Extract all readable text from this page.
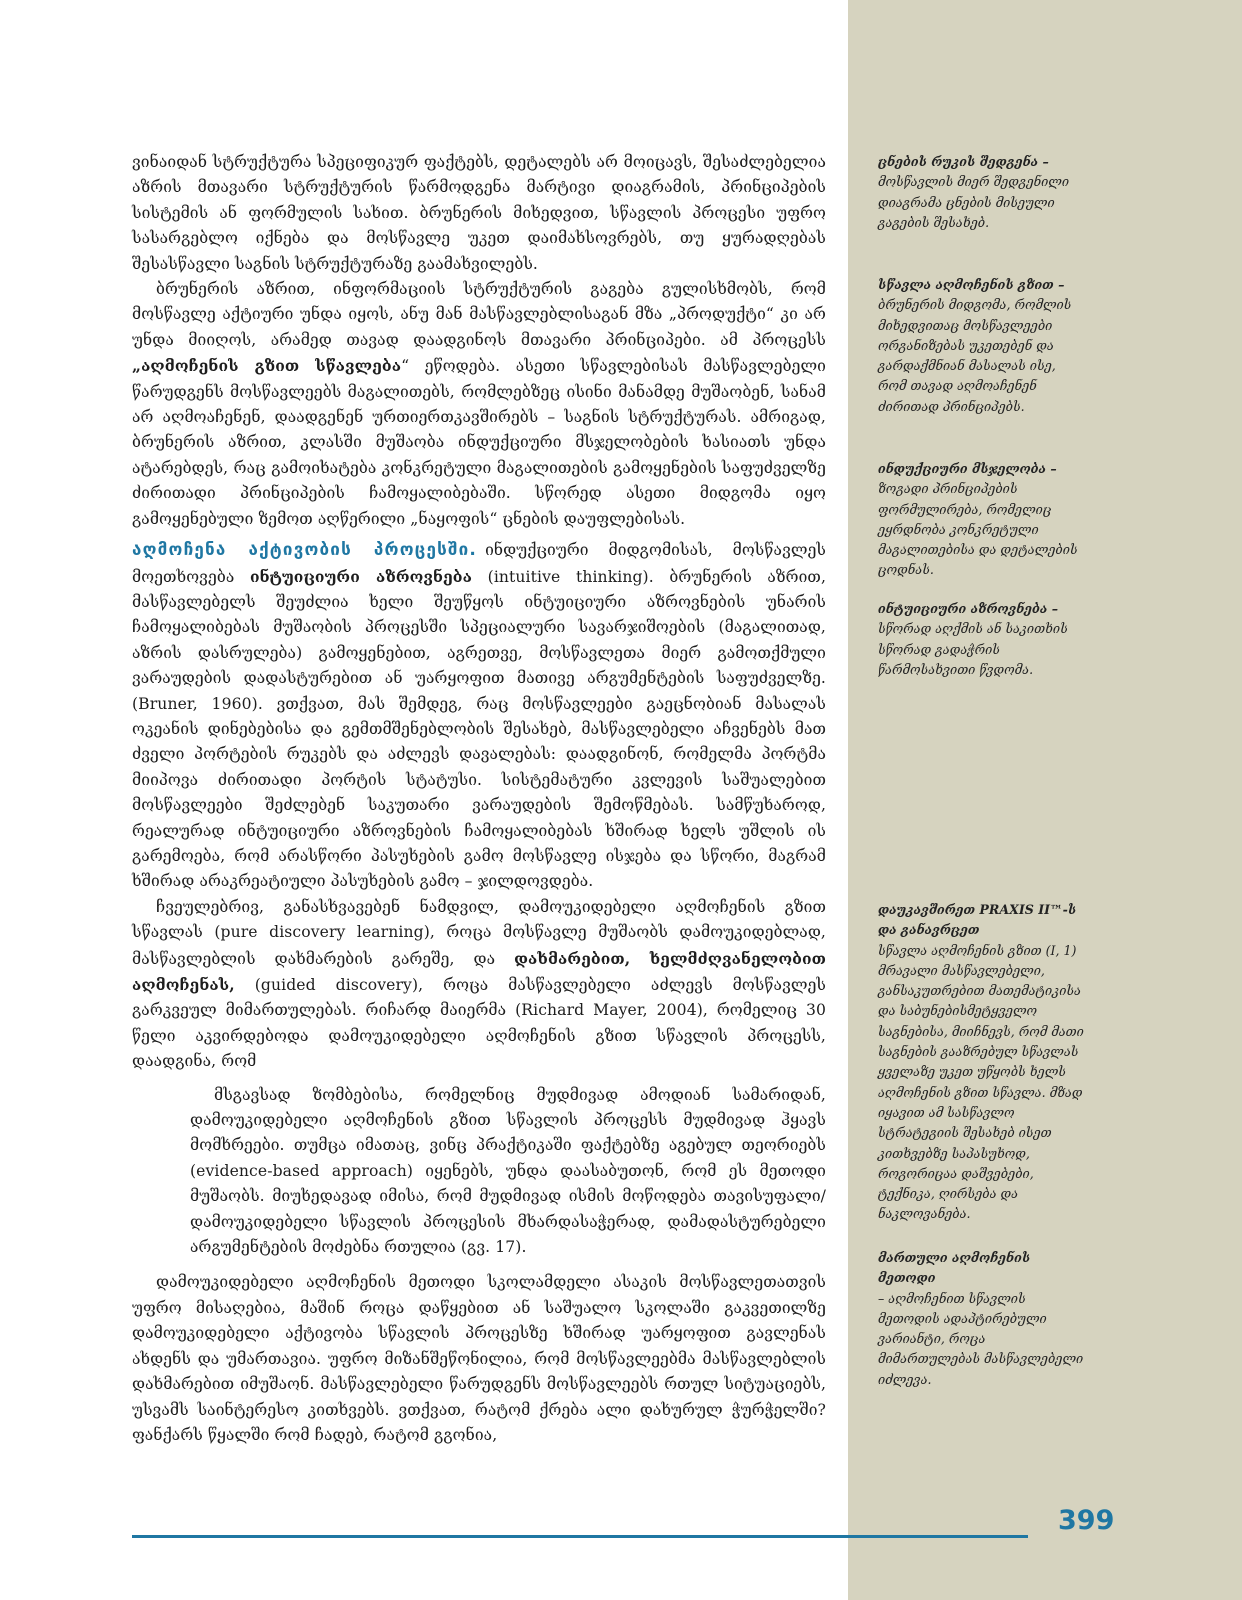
ვინაიდან სტრუქტურა სპეციფიკურ ფაქტებს, დეტალებს არ მოიცავს, შესაძლებელია აზრის მთავარი სტრუქტურის წარმოდგენა მარტივი დიაგრამის, პრინციპების სისტემის ან ფორმულის სახით. ბრუნერის მიხედვით, სწავლის პროცესი უფრო სასარგებლო იქნება და მოსწავლე უკეთ დაიმახსოვრებს, თუ ყურადღებას შესასწავლი საგნის სტრუქტურაზე გაამახვილებს.

ბრუნერის აზრით, ინფორმაციის სტრუქტურის გაგება გულისხმობს, რომ მოსწავლე აქტიური უნდა იყოს, ანუ მან მასწავლებლისაგან მზა „პროდუქტი“ კი არ უნდა მიიღოს, არამედ თავად დაადგინოს მთავარი პრინციპები. ამ პროცესს „აღმოჩენის გზით სწავლება“ ეწოდება. ასეთი სწავლებისას მასწავლებელი წარუდგენს მოსწავლეებს მაგალითებს, რომლებზეც ისინი მანამდე მუშაობენ, სანამ არ აღმოაჩენენ, დაადგენენ ურთიერთკავშირებს – საგნის სტრუქტურას. ამრიგად, ბრუნერის აზრით, კლასში მუშაობა ინდუქციური მსჯელობების ხასიათს უნდა ატარებდეს, რაც გამოიხატება კონკრეტული მაგალითების გამოყენების საფუძველზე ძირითადი პრინციპების ჩამოყალიბებაში. სწორედ ასეთი მიდგომა იყო გამოყენებული ზემოთ აღწერილი „ნაყოფის“ ცნების დაუფლებისას.

აღმოჩენა აქტივობის პროცესში. ინდუქციური მიდგომისას, მოსწავლეს მოეთხოვება ინტუიციური აზროვნება (intuitive thinking). ბრუნერის აზრით, მასწავლებელს შეუძლია ხელი შეუწყოს ინტუიციური აზროვნების უნარის ჩამოყალიბებას მუშაობის პროცესში სპეციალური სავარჯიშოების (მაგალითად, აზრის დასრულება) გამოყენებით, აგრეთვე, მოსწავლეთა მიერ გამოთქმული ვარაუდების დადასტურებით ან უარყოფით მათივე არგუმენტების საფუძველზე. (Bruner, 1960). ვთქვათ, მას შემდეგ, რაც მოსწავლეები გაეცნობიან მასალას ოკეანის დინებებისა და გემთმშენებლობის შესახებ, მასწავლებელი აჩვენებს მათ ძველი პორტების რუკებს და აძლევს დავალებას: დაადგინონ, რომელმა პორტმა მიიპოვა ძირითადი პორტის სტატუსი. სისტემატური კვლევის საშუალებით მოსწავლეები შეძლებენ საკუთარი ვარაუდების შემოწმებას. სამწუხაროდ, რეალურად ინტუიციური აზროვნების ჩამოყალიბებას ხშირად ხელს უშლის ის გარემოება, რომ არასწორი პასუხების გამო მოსწავლე ისჯება და სწორი, მაგრამ ხშირად არაკრეატიული პასუხების გამო – ჯილდოვდება.

ჩვეულებრივ, განასხვავებენ ნამდვილ, დამოუკიდებელი აღმოჩენის გზით სწავლას (pure discovery learning), როცა მოსწავლე მუშაობს დამოუკიდებლად, მასწავლებლის დახმარების გარეშე, და დახმარებით, ხელმძღვანელობით აღმოჩენას, (guided discovery), როცა მასწავლებელი აძლევს მოსწავლეს გარკვეულ მიმართულებას. რიჩარდ მაიერმა (Richard Mayer, 2004), რომელიც 30 წელი აკვირდებოდა დამოუკიდებელი აღმოჩენის გზით სწავლის პროცესს, დაადგინა, რომ

მსგავსად ზომბებისა, რომელნიც მუდმივად ამოდიან სამარიდან, დამოუკიდებელი აღმოჩენის გზით სწავლის პროცესს მუდმივად ჰყავს მომხრეები. თუმცა იმათაც, ვინც პრაქტიკაში ფაქტებზე აგებულ თეორიებს (evidence-based approach) იყენებს, უნდა დაასაბუთონ, რომ ეს მეთოდი მუშაობს. მიუხედავად იმისა, რომ მუდმივად ისმის მოწოდება თავისუფალი/დამოუკიდებელი სწავლის პროცესის მხარდასაჭერად, დამადასტურებელი არგუმენტების მოძებნა რთულია (გვ. 17).

დამოუკიდებელი აღმოჩენის მეთოდი სკოლამდელი ასაკის მოსწავლეთათვის უფრო მისაღებია, მაშინ როცა დაწყებით ან საშუალო სკოლაში გაკვეთილზე დამოუკიდებელი აქტივობა სწავლის პროცესზე ხშირად უარყოფით გავლენას ახდენს და უმართავია. უფრო მიზანშეწონილია, რომ მოსწავლეებმა მასწავლებლის დახმარებით იმუშაონ. მასწავლებელი წარუდგენს მოსწავლეებს რთულ სიტუაციებს, უსვამს საინტერესო კითხვებს. ვთქვათ, რატომ ქრება ალი დახურულ ჭურჭელში? ფანქარს წყალში რომ ჩადებ, რატომ გგონია,

ცნების რუკის შედგენა –
მოსწავლის მიერ შედგენილი დიაგრამა ცნების მისეული გაგების შესახებ.
სწავლა აღმოჩენის გზით –
ბრუნერის მიდგომა, რომლის მიხედვითაც მოსწავლეები ორგანიზებას უკეთებენ და გარდაქმნიან მასალას ისე, რომ თავად აღმოაჩენენ ძირითად პრინციპებს.
ინდუქციური მსჯელობა –
ზოგადი პრინციპების ფორმულირება, რომელიც ეყრდნობა კონკრეტული მაგალითებისა და დეტალების ცოდნას.
ინტუიციური აზროვნება –
სწორად აღქმის ან საკითხის სწორად გადაჭრის წარმოსახვითი წვდომა.
დაუკავშირეთ PRAXIS II™-ს და განავრცეთ
სწავლა აღმოჩენის გზით (I, 1) მრავალი მასწავლებელი, განსაკუთრებით მათემატიკისა და საბუნებისმეტყველო საგნებისა, მიიჩნევს, რომ მათი საგნების გააზრებულ სწავლას ყველაზე უკეთ უწყობს ხელს აღმოჩენის გზით სწავლა. მზად იყავით ამ სასწავლო სტრატეგიის შესახებ ისეთ კითხვებზე საპასუხოდ, როგორიცაა დაშვებები, ტექნიკა, ღირსება და ნაკლოვანება.
მართული აღმოჩენის მეთოდი
– აღმოჩენით სწავლის მეთოდის ადაპტირებული ვარიანტი, როცა მიმართულებას მასწავლებელი იძლევა.
399
